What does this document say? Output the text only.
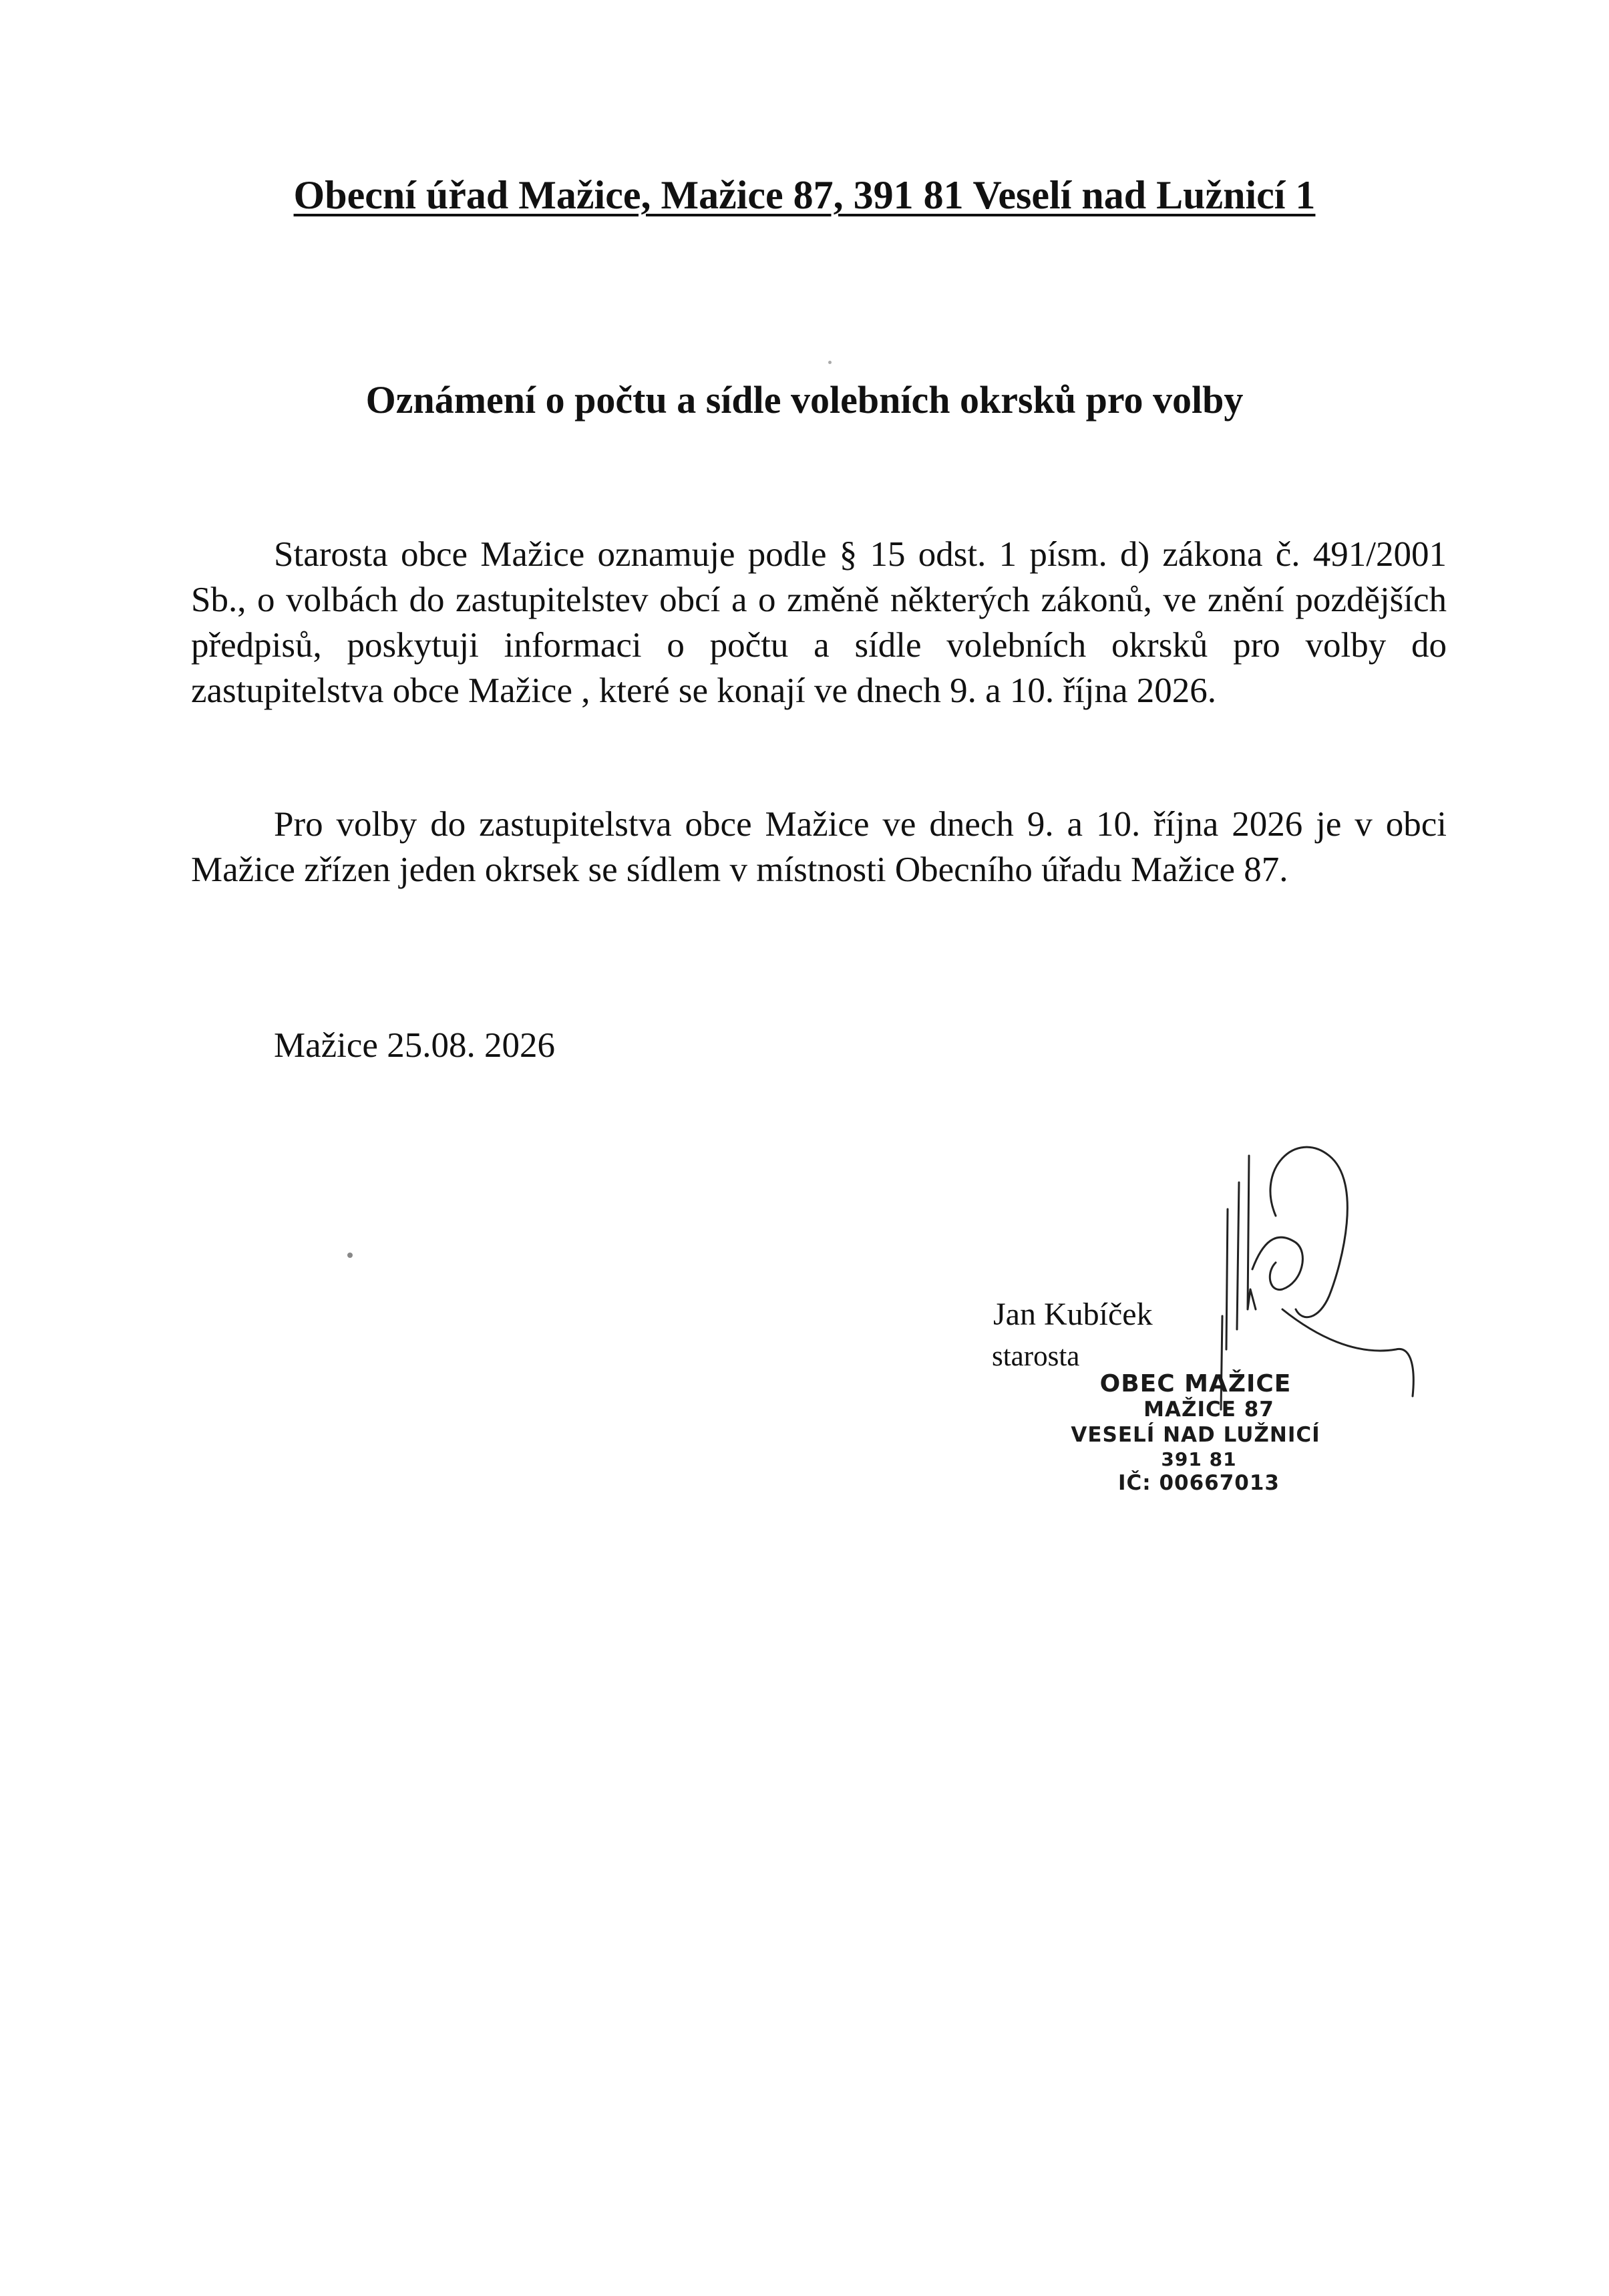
Obecní úřad Mažice, Mažice 87, 391 81 Veselí nad Lužnicí 1
Oznámení o počtu a sídle volebních okrsků pro volby
Starosta obce Mažice oznamuje podle § 15 odst. 1 písm. d) zákona č. 491/2001 Sb., o volbách do zastupitelstev obcí a o změně některých zákonů, ve znění pozdějších předpisů, poskytuji informaci o počtu a sídle volebních okrsků pro volby do zastupitelstva obce Mažice , které se konají ve dnech 9. a 10. října 2026.
Pro volby do zastupitelstva obce Mažice ve dnech 9. a 10. října 2026 je v obci Mažice zřízen jeden okrsek se sídlem v místnosti Obecního úřadu Mažice 87.
Mažice 25.08. 2026
Jan Kubíček
starosta
OBEC MAŽICE
MAŽICE 87
VESELÍ NAD LUŽNICÍ
391 81
IČ: 00667013
